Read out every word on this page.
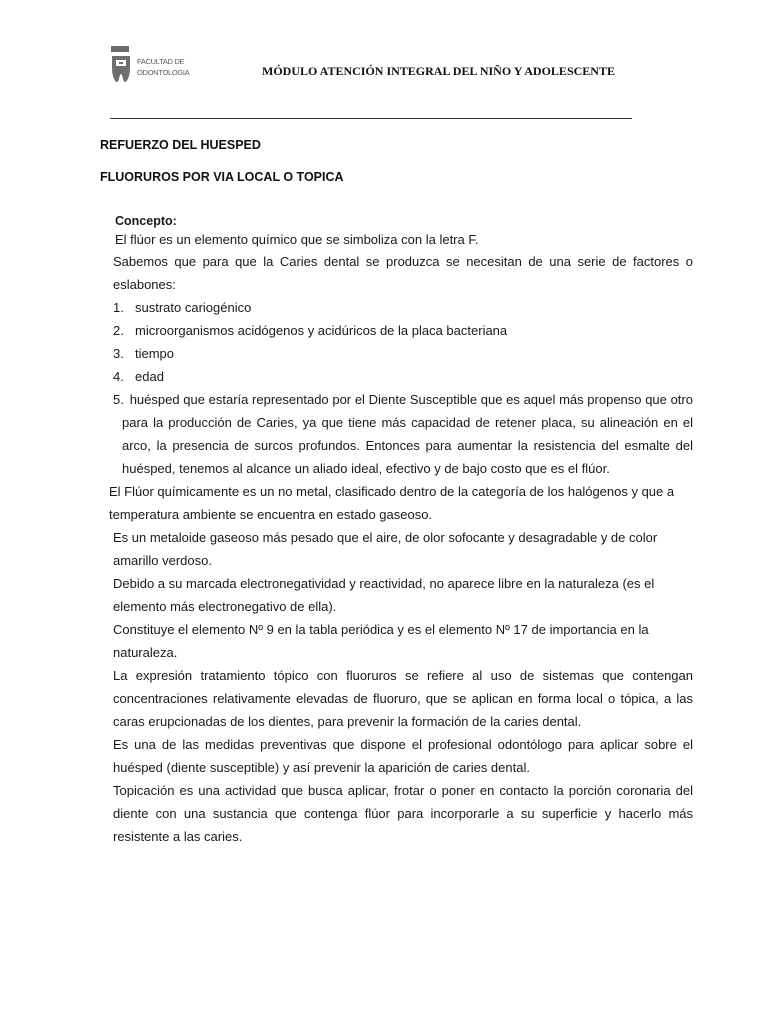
FACULTAD DE
ODONTOLOGIA	MÓDULO ATENCIÓN INTEGRAL DEL NIÑO Y ADOLESCENTE
REFUERZO DEL HUESPED
FLUORUROS POR VIA LOCAL O TOPICA
Concepto:
El flúor es un elemento químico que se simboliza con la letra F.

Sabemos que para que la Caries dental se produzca se necesitan de una serie de factores o eslabones:

1. sustrato cariogénico
2. microorganismos acidógenos y acidúricos de la placa bacteriana
3. tiempo
4. edad
5. huésped que estaría representado por el Diente Susceptible que es aquel más propenso que otro para la producción de Caries, ya que tiene más capacidad de retener placa, su alineación en el arco, la presencia de surcos profundos. Entonces para aumentar la resistencia del esmalte del huésped, tenemos al alcance un aliado ideal, efectivo y de bajo costo que es el flúor.

El Flúor químicamente es un no metal, clasificado dentro de la categoría de los halógenos y que a temperatura ambiente se encuentra en estado gaseoso.

Es un metaloide gaseoso más pesado que el aire, de olor sofocante y desagradable y de color amarillo verdoso.

Debido a su marcada electronegatividad y reactividad, no aparece libre en la naturaleza (es el elemento más electronegativo de ella).

Constituye el elemento Nº 9 en la tabla periódica y es el elemento Nº 17 de importancia en la naturaleza.

La expresión tratamiento tópico con fluoruros se refiere al uso de sistemas que contengan concentraciones relativamente elevadas de fluoruro, que se aplican en forma local o tópica, a las caras erupcionadas de los dientes, para prevenir la formación de la caries dental.

Es una de las medidas preventivas que dispone el profesional odontólogo para aplicar sobre el huésped (diente susceptible) y así prevenir la aparición de caries dental.

Topicación es una actividad que busca aplicar, frotar o poner en contacto la porción coronaria del diente con una sustancia que contenga flúor para incorporarle a su superficie y hacerlo más resistente a las caries.
